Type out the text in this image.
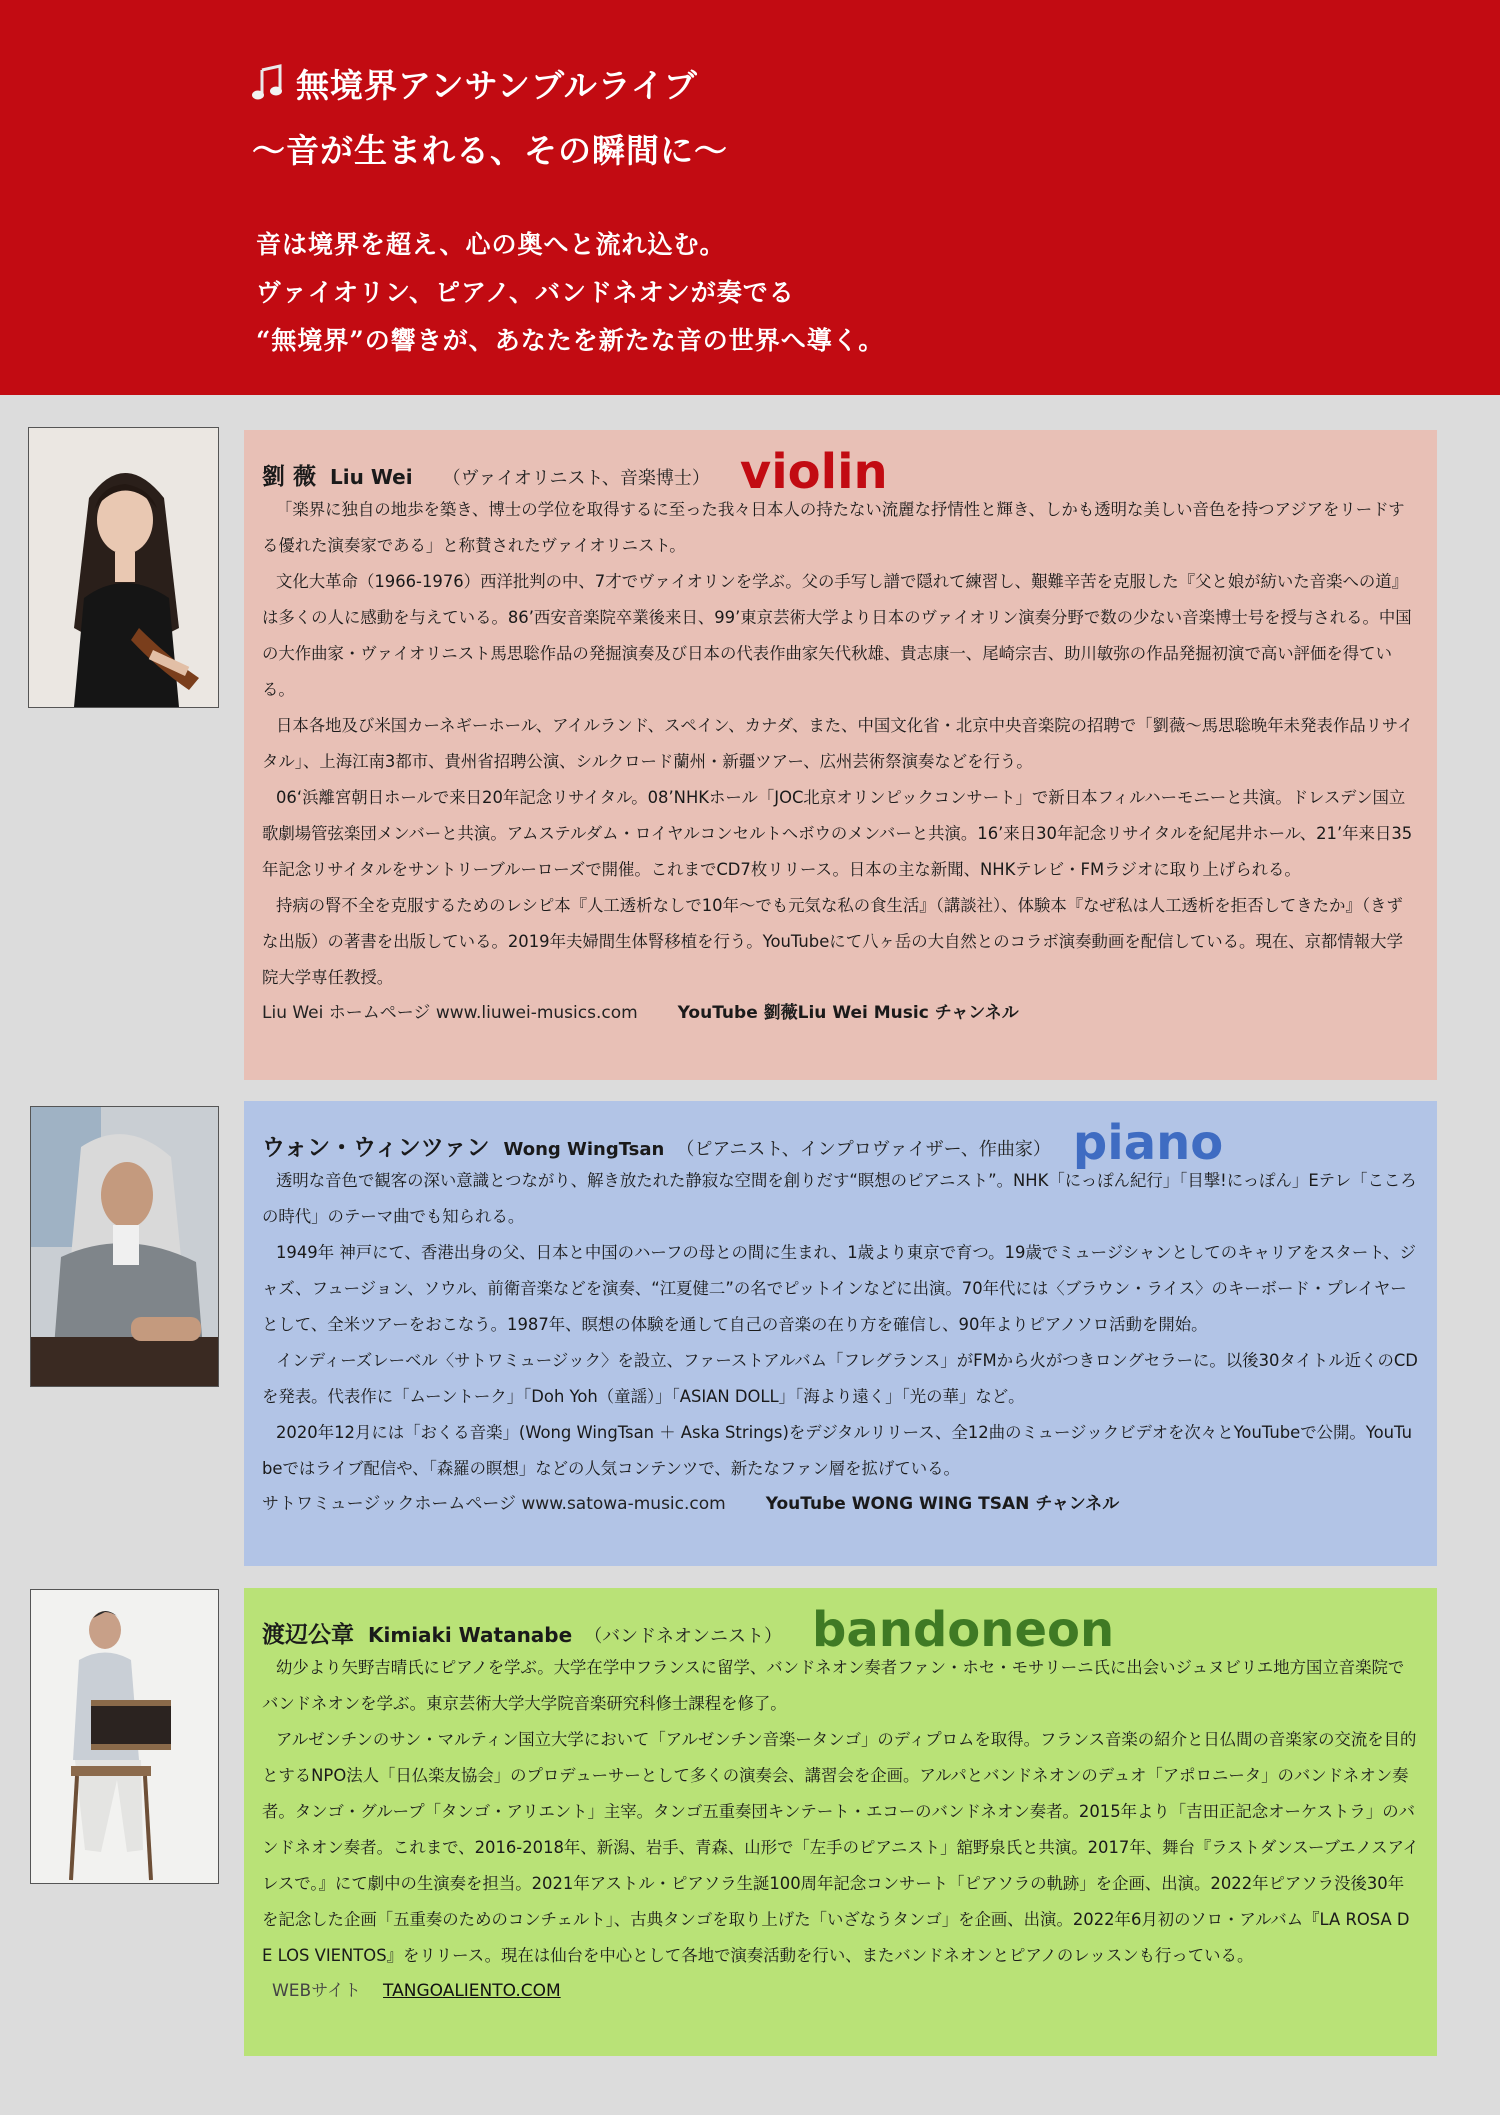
無境界アンサンブルライブ
〜音が生まれる、その瞬間に〜
音は境界を超え、心の奥へと流れ込む。
ヴァイオリン、ピアノ、バンドネオンが奏でる
“無境界”の響きが、あなたを新たな音の世界へ導く。
劉 薇 Liu Wei （ヴァイオリニスト、音楽博士） violin

「楽界に独自の地歩を築き、博士の学位を取得するに至った我々日本人の持たない流麗な抒情性と輝き、しかも透明な美しい音色を持つアジアをリードする優れた演奏家である」と称賛されたヴァイオリニスト。

文化大革命（1966-1976）西洋批判の中、7才でヴァイオリンを学ぶ。父の手写し譜で隠れて練習し、艱難辛苦を克服した『父と娘が紡いた音楽への道』は多くの人に感動を与えている。86’西安音楽院卒業後来日、99’東京芸術大学より日本のヴァイオリン演奏分野で数の少ない音楽博士号を授与される。中国の大作曲家・ヴァイオリニスト馬思聡作品の発掘演奏及び日本の代表作曲家矢代秋雄、貴志康一、尾崎宗吉、助川敏弥の作品発掘初演で高い評価を得ている。

日本各地及び米国カーネギーホール、アイルランド、スペイン、カナダ、また、中国文化省・北京中央音楽院の招聘で「劉薇〜馬思聡晩年未発表作品リサイタル」、上海江南3都市、貴州省招聘公演、シルクロード蘭州・新疆ツアー、広州芸術祭演奏などを行う。

06‘浜離宮朝日ホールで来日20年記念リサイタル。08’NHKホール「JOC北京オリンピックコンサート」で新日本フィルハーモニーと共演。ドレスデン国立歌劇場管弦楽団メンバーと共演。アムステルダム・ロイヤルコンセルトヘボウのメンバーと共演。16’来日30年記念リサイタルを紀尾井ホール、21’年来日35年記念リサイタルをサントリーブルーローズで開催。これまでCD7枚リリース。日本の主な新聞、NHKテレビ・FMラジオに取り上げられる。

持病の腎不全を克服するためのレシピ本『人工透析なしで10年〜でも元気な私の食生活』（講談社）、体験本『なぜ私は人工透析を拒否してきたか』（きずな出版）の著書を出版している。2019年夫婦間生体腎移植を行う。YouTubeにて八ヶ岳の大自然とのコラボ演奏動画を配信している。現在、京都情報大学院大学専任教授。

Liu Wei ホームページ www.liuwei-musics.com YouTube 劉薇Liu Wei Music チャンネル
ウォン・ウィンツァン Wong WingTsan （ピアニスト、インプロヴァイザー、作曲家） piano

透明な音色で観客の深い意識とつながり、解き放たれた静寂な空間を創りだす“瞑想のピアニスト”。NHK「にっぽん紀行」「目撃!にっぽん」Eテレ「こころの時代」のテーマ曲でも知られる。

1949年 神戸にて、香港出身の父、日本と中国のハーフの母との間に生まれ、1歳より東京で育つ。19歳でミュージシャンとしてのキャリアをスタート、ジャズ、フュージョン、ソウル、前衛音楽などを演奏、“江夏健二”の名でピットインなどに出演。70年代には〈ブラウン・ライス〉のキーボード・プレイヤーとして、全米ツアーをおこなう。1987年、瞑想の体験を通して自己の音楽の在り方を確信し、90年よりピアノソロ活動を開始。

インディーズレーベル〈サトワミュージック〉を設立、ファーストアルバム「フレグランス」がFMから火がつきロングセラーに。以後30タイトル近くのCDを発表。代表作に「ムーントーク」「Doh Yoh（童謡）」「ASIAN DOLL」「海より遠く」「光の華」など。

2020年12月には「おくる音楽」(Wong WingTsan ＋ Aska Strings)をデジタルリリース、全12曲のミュージックビデオを次々とYouTubeで公開。YouTubeではライブ配信や、「森羅の瞑想」などの人気コンテンツで、新たなファン層を拡げている。

サトワミュージックホームページ www.satowa-music.com YouTube WONG WING TSAN チャンネル
渡辺公章 Kimiaki Watanabe （バンドネオンニスト） bandoneon

幼少より矢野吉晴氏にピアノを学ぶ。大学在学中フランスに留学、バンドネオン奏者ファン・ホセ・モサリーニ氏に出会いジュヌビリエ地方国立音楽院でバンドネオンを学ぶ。東京芸術大学大学院音楽研究科修士課程を修了。

アルゼンチンのサン・マルティン国立大学において「アルゼンチン音楽ータンゴ」のディプロムを取得。フランス音楽の紹介と日仏間の音楽家の交流を目的とするNPO法人「日仏楽友協会」のプロデューサーとして多くの演奏会、講習会を企画。アルパとバンドネオンのデュオ「アポロニータ」のバンドネオン奏者。タンゴ・グループ「タンゴ・アリエント」主宰。タンゴ五重奏団キンテート・エコーのバンドネオン奏者。2015年より「吉田正記念オーケストラ」のバンドネオン奏者。これまで、2016-2018年、新潟、岩手、青森、山形で「左手のピアニスト」舘野泉氏と共演。2017年、舞台『ラストダンスーブエノスアイレスで。』にて劇中の生演奏を担当。2021年アストル・ピアソラ生誕100周年記念コンサート「ピアソラの軌跡」を企画、出演。2022年ピアソラ没後30年を記念した企画「五重奏のためのコンチェルト」、古典タンゴを取り上げた「いざなうタンゴ」を企画、出演。2022年6月初のソロ・アルバム『LA ROSA DE LOS VIENTOS』をリリース。現在は仙台を中心として各地で演奏活動を行い、またバンドネオンとピアノのレッスンも行っている。

WEBサイト TANGOALIENTO.COM
